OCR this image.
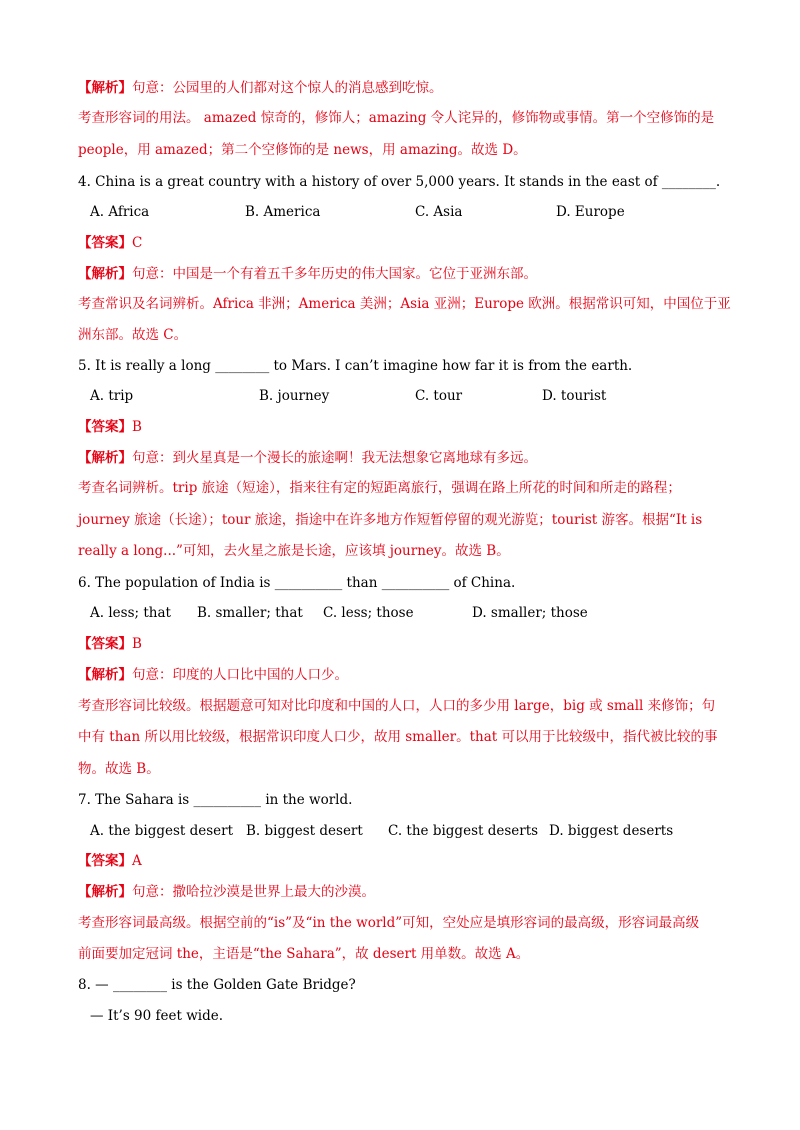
【解析】句意：公园里的人们都对这个惊人的消息感到吃惊。
考查形容词的用法。 amazed 惊奇的，修饰人；amazing 令人诧异的，修饰物或事情。第一个空修饰的是
people，用 amazed；第二个空修饰的是 news，用 amazing。故选 D。
4. China is a great country with a history of over 5,000 years. It stands in the east of ________.
A. Africa	B. America	C. Asia	D. Europe
【答案】C
【解析】句意：中国是一个有着五千多年历史的伟大国家。它位于亚洲东部。
考查常识及名词辨析。Africa 非洲；America 美洲；Asia 亚洲；Europe 欧洲。根据常识可知，中国位于亚
洲东部。故选 C。
5. It is really a long ________ to Mars. I can’t imagine how far it is from the earth.
A. trip	B. journey	C. tour	D. tourist
【答案】B
【解析】句意：到火星真是一个漫长的旅途啊！我无法想象它离地球有多远。
考查名词辨析。trip 旅途（短途），指来往有定的短距离旅行，强调在路上所花的时间和所走的路程；
journey 旅途（长途）；tour 旅途，指途中在许多地方作短暂停留的观光游览；tourist 游客。根据“It is
really a long...”可知，去火星之旅是长途，应该填 journey。故选 B。
6. The population of India is __________ than __________ of China.
A. less; that B. smaller; that C. less; those	D. smaller; those
【答案】B
【解析】句意：印度的人口比中国的人口少。
考查形容词比较级。根据题意可知对比印度和中国的人口，人口的多少用 large，big 或 small 来修饰；句
中有 than 所以用比较级，根据常识印度人口少，故用 smaller。that 可以用于比较级中，指代被比较的事
物。故选 B。
7. The Sahara is __________ in the world.
A. the biggest desert B. biggest desert C. the biggest deserts D. biggest deserts
【答案】A
【解析】句意：撒哈拉沙漠是世界上最大的沙漠。
考查形容词最高级。根据空前的“is”及“in the world”可知，空处应是填形容词的最高级，形容词最高级
前面要加定冠词 the，主语是“the Sahara”，故 desert 用单数。故选 A。
8. — ________ is the Golden Gate Bridge?
— It’s 90 feet wide.
